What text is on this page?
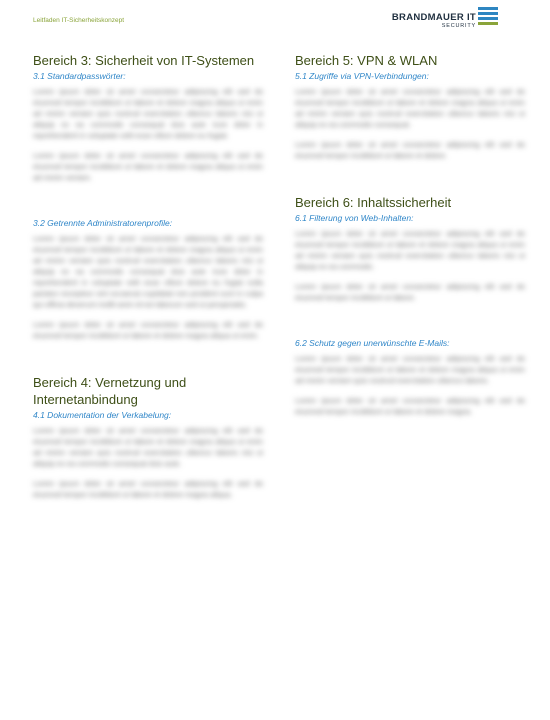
Leitfaden IT-Sicherheitskonzept	BRANDMAUER IT
SECURITY
Bereich 3: Sicherheit von IT-Systemen
3.1 Standardpasswörter:

Lorem ipsum dolor sit amet consectetur adipiscing elit sed do eiusmod tempor incididunt ut labore et dolore magna aliqua ut enim ad minim veniam quis nostrud exercitation ullamco laboris nisi ut aliquip ex ea commodo consequat duis aute irure dolor in reprehenderit in voluptate velit esse cillum dolore eu fugiat.

Lorem ipsum dolor sit amet consectetur adipiscing elit sed do eiusmod tempor incididunt ut labore et dolore magna aliqua ut enim ad minim veniam.

3.2 Getrennte Administratorenprofile:

Lorem ipsum dolor sit amet consectetur adipiscing elit sed do eiusmod tempor incididunt ut labore et dolore magna aliqua ut enim ad minim veniam quis nostrud exercitation ullamco laboris nisi ut aliquip ex ea commodo consequat duis aute irure dolor in reprehenderit in voluptate velit esse cillum dolore eu fugiat nulla pariatur excepteur sint occaecat cupidatat non proident sunt in culpa qui officia deserunt mollit anim id est laborum sed ut perspiciatis.

Lorem ipsum dolor sit amet consectetur adipiscing elit sed do eiusmod tempor incididunt ut labore et dolore magna aliqua ut enim.

Bereich 4: Vernetzung und Internetanbindung
4.1 Dokumentation der Verkabelung:

Lorem ipsum dolor sit amet consectetur adipiscing elit sed do eiusmod tempor incididunt ut labore et dolore magna aliqua ut enim ad minim veniam quis nostrud exercitation ullamco laboris nisi ut aliquip ex ea commodo consequat duis aute.

Lorem ipsum dolor sit amet consectetur adipiscing elit sed do eiusmod tempor incididunt ut labore et dolore magna aliqua.

Bereich 5: VPN & WLAN
5.1 Zugriffe via VPN-Verbindungen:

Lorem ipsum dolor sit amet consectetur adipiscing elit sed do eiusmod tempor incididunt ut labore et dolore magna aliqua ut enim ad minim veniam quis nostrud exercitation ullamco laboris nisi ut aliquip ex ea commodo consequat.

Lorem ipsum dolor sit amet consectetur adipiscing elit sed do eiusmod tempor incididunt ut labore et dolore.

Bereich 6: Inhaltssicherheit
6.1 Filterung von Web-Inhalten:

Lorem ipsum dolor sit amet consectetur adipiscing elit sed do eiusmod tempor incididunt ut labore et dolore magna aliqua ut enim ad minim veniam quis nostrud exercitation ullamco laboris nisi ut aliquip ex ea commodo.

Lorem ipsum dolor sit amet consectetur adipiscing elit sed do eiusmod tempor incididunt ut labore.

6.2 Schutz gegen unerwünschte E-Mails:

Lorem ipsum dolor sit amet consectetur adipiscing elit sed do eiusmod tempor incididunt ut labore et dolore magna aliqua ut enim ad minim veniam quis nostrud exercitation ullamco laboris.

Lorem ipsum dolor sit amet consectetur adipiscing elit sed do eiusmod tempor incididunt ut labore et dolore magna.
